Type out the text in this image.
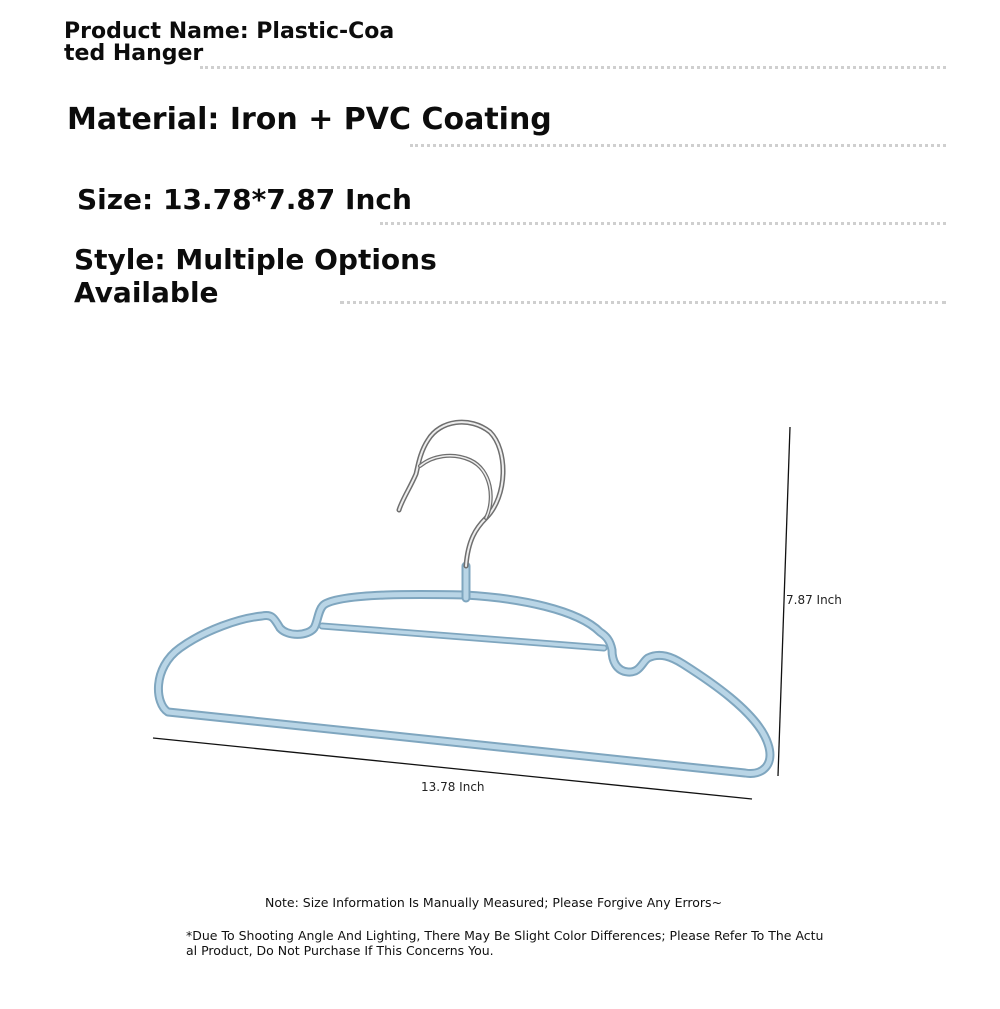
Product Name: Plastic-Coa
ted Hanger

Material: Iron + PVC Coating

Size: 13.78*7.87 Inch

Style: Multiple Options
Available

7.87 Inch
13.78 Inch

Note: Size Information Is Manually Measured; Please Forgive Any Errors~

*Due To Shooting Angle And Lighting, There May Be Slight Color Differences; Please Refer To The Actual Product, Do Not Purchase If This Concerns You.
